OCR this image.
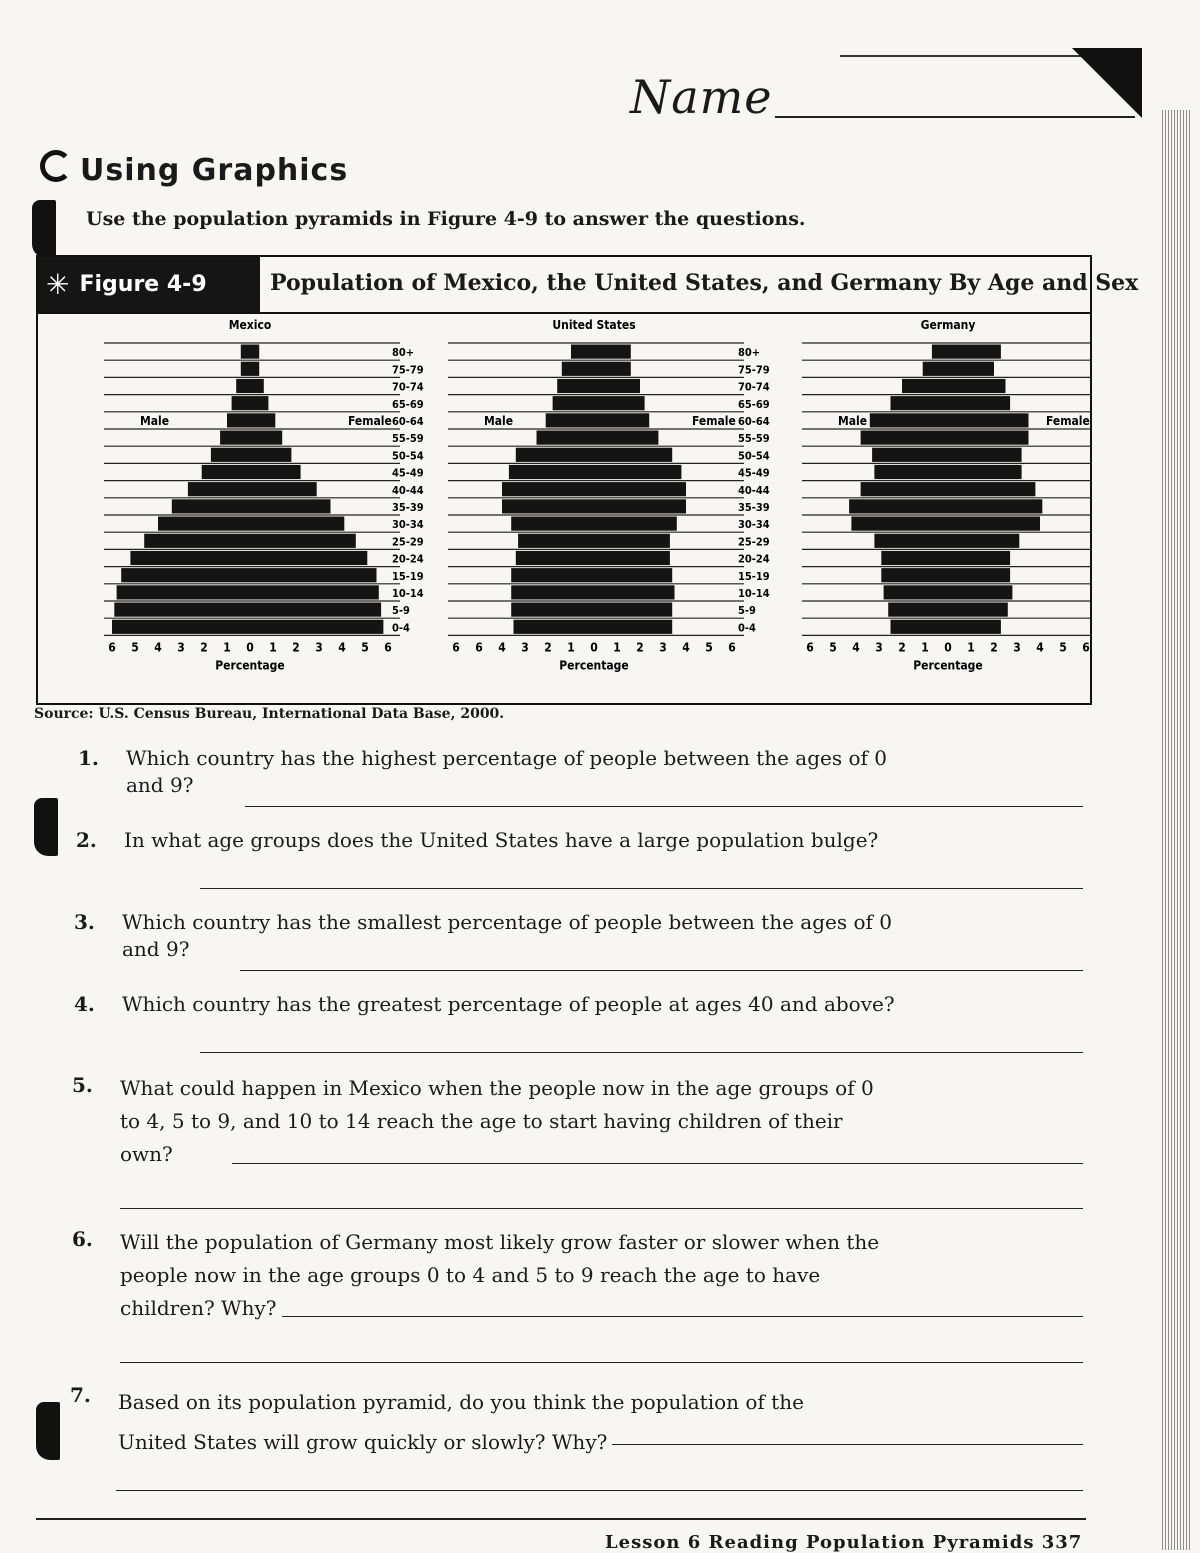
Name
Using Graphics
Use the population pyramids in Figure 4-9 to answer the questions.
✳ Figure 4-9	Population of Mexico, the United States, and Germany By Age and Sex
Mexico
0-4
5-9
10-14
15-19
20-24
25-29
30-34
35-39
40-44
45-49
50-54
55-59
60-64
65-69
70-74
75-79
80+
Male	Female
6 5 4 3 2 1 0 1 2 3 4 5 6
Percentage
United States
0-4
5-9
10-14
15-19
20-24
25-29
30-34
35-39
40-44
45-49
50-54
55-59
60-64
65-69
70-74
75-79
80+
Male	Female
6 6 4 3 2 1 0 1 2 3 4 5 6
Percentage
Germany
Male	Female
6 5 4 3 2 1 0 1 2 3 4 5 6
Percentage
Source: U.S. Census Bureau, International Data Base, 2000.
1. Which country has the highest percentage of people between the ages of 0 and 9?
2. In what age groups does the United States have a large population bulge?
3. Which country has the smallest percentage of people between the ages of 0 and 9?
4. Which country has the greatest percentage of people at ages 40 and above?
5. What could happen in Mexico when the people now in the age groups of 0 to 4, 5 to 9, and 10 to 14 reach the age to start having children of their own?
6. Will the population of Germany most likely grow faster or slower when the people now in the age groups 0 to 4 and 5 to 9 reach the age to have children? Why?
7. Based on its population pyramid, do you think the population of the United States will grow quickly or slowly? Why?
Lesson 6 Reading Population Pyramids 337
